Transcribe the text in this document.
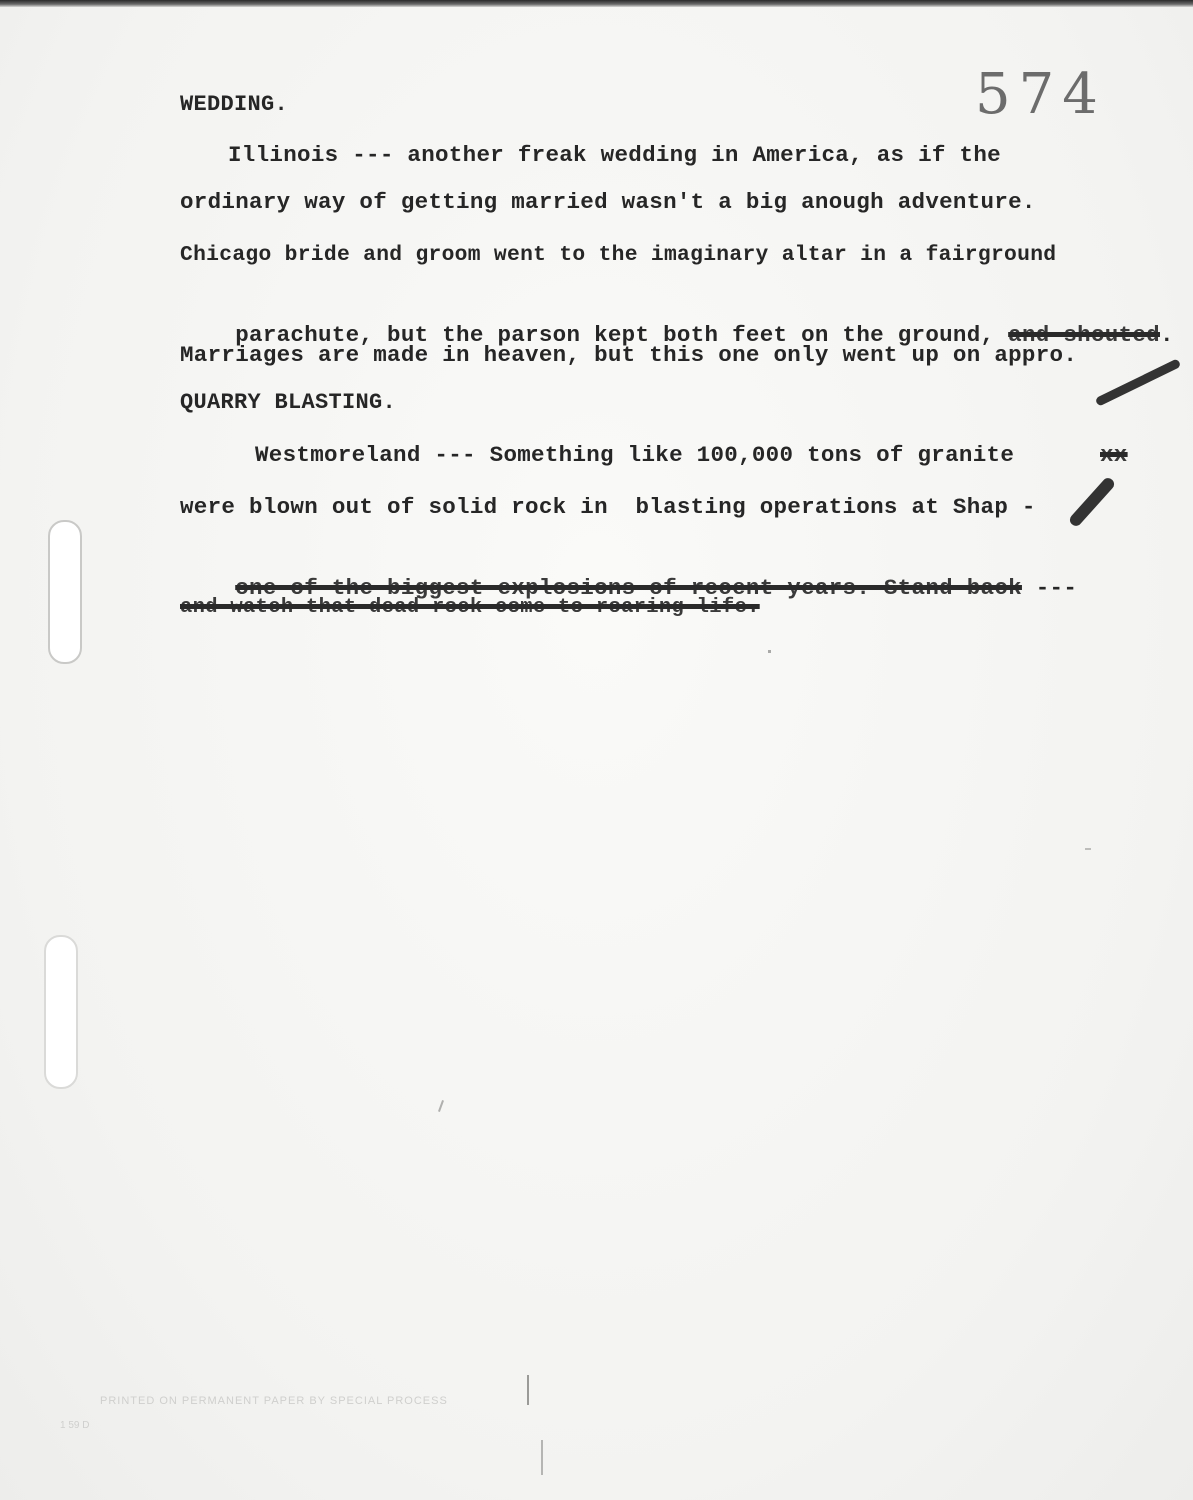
574
WEDDING.
Illinois --- another freak wedding in America, as if the
ordinary way of getting married wasn't a big anough adventure.
Chicago bride and groom went to the imaginary altar in a fairground

parachute, but the parson kept both feet on the ground, and shouted.

Marriages are made in heaven, but this one only went up on appro.
QUARRY BLASTING.
Westmoreland --- Something like 100,000 tons of granite	xx
were blown out of solid rock in  blasting operations at Shap -

one of the biggest explosions of recent years. Stand back ---

and watch that dead rock come to roaring life.
PRINTED ON PERMANENT PAPER BY SPECIAL PROCESS
1 59 D
